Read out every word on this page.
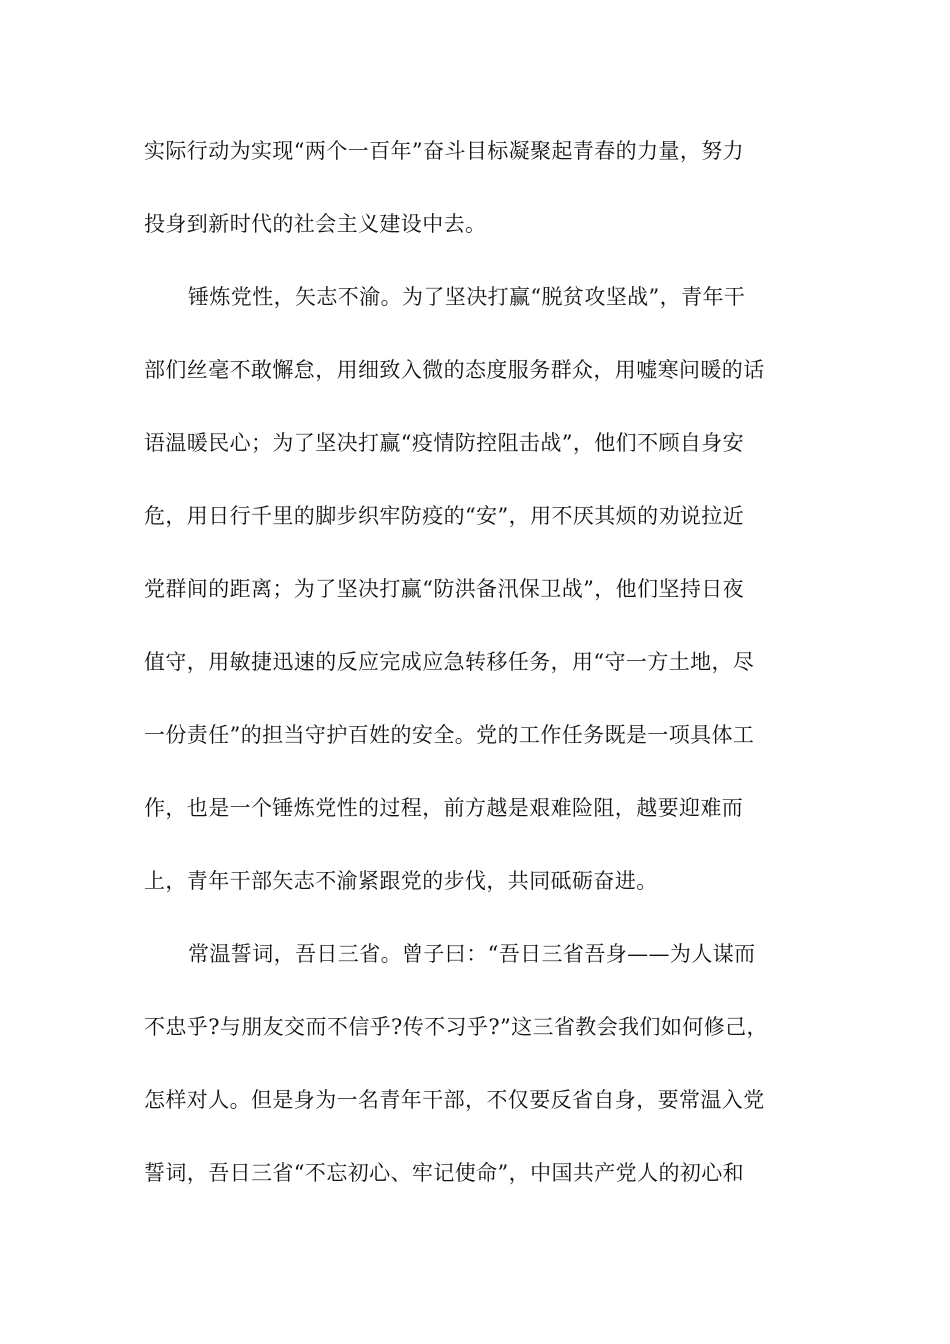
实际行动为实现“两个一百年”奋斗目标凝聚起青春的力量，努力
投身到新时代的社会主义建设中去。
锤炼党性，矢志不渝。为了坚决打赢“脱贫攻坚战”，青年干
部们丝毫不敢懈怠，用细致入微的态度服务群众，用嘘寒问暖的话
语温暖民心；为了坚决打赢“疫情防控阻击战”，他们不顾自身安
危，用日行千里的脚步织牢防疫的“安”，用不厌其烦的劝说拉近
党群间的距离；为了坚决打赢“防洪备汛保卫战”，他们坚持日夜
值守，用敏捷迅速的反应完成应急转移任务，用“守一方土地，尽
一份责任”的担当守护百姓的安全。党的工作任务既是一项具体工
作，也是一个锤炼党性的过程，前方越是艰难险阻，越要迎难而
上，青年干部矢志不渝紧跟党的步伐，共同砥砺奋进。
常温誓词，吾日三省。曾子曰：“吾日三省吾身——为人谋而
不忠乎?与朋友交而不信乎?传不习乎?”这三省教会我们如何修己，
怎样对人。但是身为一名青年干部，不仅要反省自身，要常温入党
誓词，吾日三省“不忘初心、牢记使命”，中国共产党人的初心和
